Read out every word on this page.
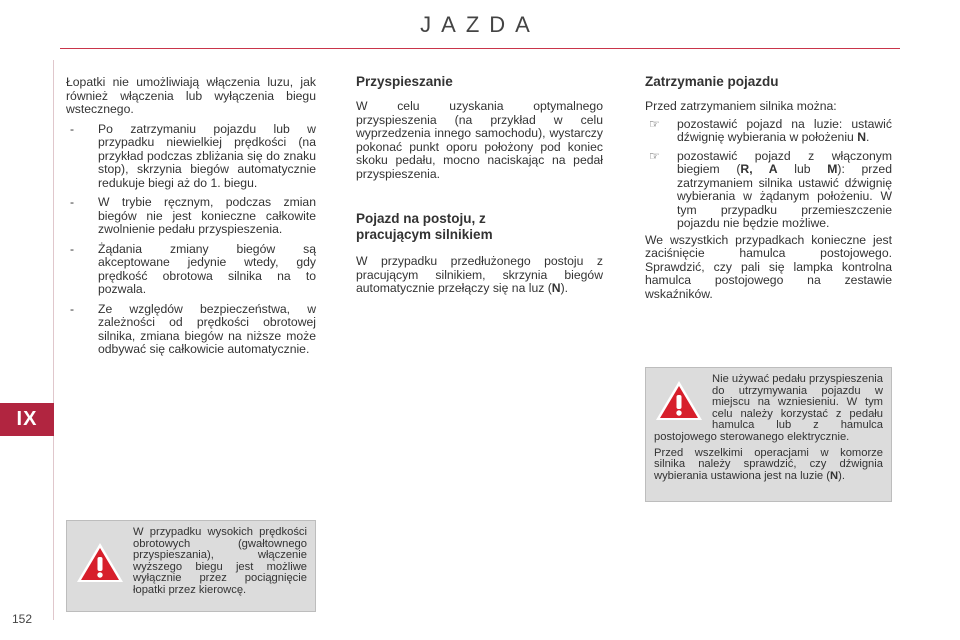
JAZDA
IX
152

Łopatki nie umożliwiają włączenia luzu, jak również włączenia lub wyłączenia biegu wstecznego.

- Po zatrzymaniu pojazdu lub w przypadku niewielkiej prędkości (na przykład podczas zbliżania się do znaku stop), skrzynia biegów automatycznie redukuje biegi aż do 1. biegu.
- W trybie ręcznym, podczas zmian biegów nie jest konieczne całkowite zwolnienie pedału przyspieszenia.
- Żądania zmiany biegów są akceptowane jedynie wtedy, gdy prędkość obrotowa silnika na to pozwala.
- Ze względów bezpieczeństwa, w zależności od prędkości obrotowej silnika, zmiana biegów na niższe może odbywać się całkowicie automatycznie.

W przypadku wysokich prędkości obrotowych (gwałtownego przyspieszania), włączenie wyższego biegu jest możliwe wyłącznie przez pociągnięcie łopatki przez kierowcę.

Przyspieszanie

W celu uzyskania optymalnego przyspieszenia (na przykład w celu wyprzedzenia innego samochodu), wystarczy pokonać punkt oporu położony pod koniec skoku pedału, mocno naciskając na pedał przyspieszenia.

Pojazd na postoju, z pracującym silnikiem

W przypadku przedłużonego postoju z pracującym silnikiem, skrzynia biegów automatycznie przełączy się na luz (N).

Zatrzymanie pojazdu

Przed zatrzymaniem silnika można:

☞ pozostawić pojazd na luzie: ustawić dźwignię wybierania w położeniu N.
☞ pozostawić pojazd z włączonym biegiem (R, A lub M): przed zatrzymaniem silnika ustawić dźwignię wybierania w żądanym położeniu. W tym przypadku przemieszczenie pojazdu nie będzie możliwe.

We wszystkich przypadkach konieczne jest zaciśnięcie hamulca postojowego. Sprawdzić, czy pali się lampka kontrolna hamulca postojowego na zestawie wskaźników.

Nie używać pedału przyspieszenia do utrzymywania pojazdu w miejscu na wzniesieniu. W tym celu należy korzystać z pedału hamulca lub z hamulca postojowego sterowanego elektrycznie.

Przed wszelkimi operacjami w komorze silnika należy sprawdzić, czy dźwignia wybierania ustawiona jest na luzie (N).
